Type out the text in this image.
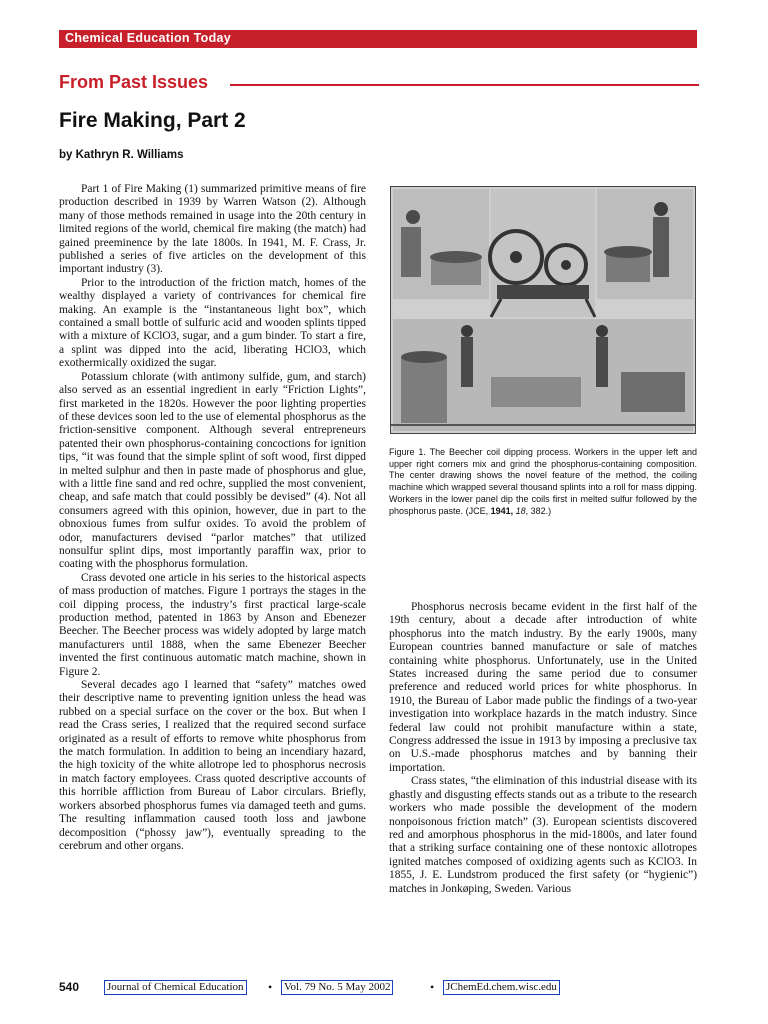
Chemical Education Today
From Past Issues
Fire Making, Part 2
by Kathryn R. Williams

Part 1 of Fire Making (1) summarized primitive means of fire production described in 1939 by Warren Watson (2). Although many of those methods remained in usage into the 20th century in limited regions of the world, chemical fire making (the match) had gained preeminence by the late 1800s. In 1941, M. F. Crass, Jr. published a series of five articles on the development of this important industry (3).

Prior to the introduction of the friction match, homes of the wealthy displayed a variety of contrivances for chemical fire making. An example is the “instantaneous light box”, which contained a small bottle of sulfuric acid and wooden splints tipped with a mixture of KClO3, sugar, and a gum binder. To start a fire, a splint was dipped into the acid, liberating HClO3, which exothermically oxidized the sugar.

Potassium chlorate (with antimony sulfide, gum, and starch) also served as an essential ingredient in early “Friction Lights”, first marketed in the 1820s. However the poor lighting properties of these devices soon led to the use of elemental phosphorus as the friction-sensitive component. Although several entrepreneurs patented their own phosphorus-containing concoctions for ignition tips, “it was found that the simple splint of soft wood, first dipped in melted sulphur and then in paste made of phosphorus and glue, with a little fine sand and red ochre, supplied the most convenient, cheap, and safe match that could possibly be devised” (4). Not all consumers agreed with this opinion, however, due in part to the obnoxious fumes from sulfur oxides. To avoid the problem of odor, manufacturers devised “parlor matches” that utilized nonsulfur splint dips, most importantly paraffin wax, prior to coating with the phosphorus formulation.

Crass devoted one article in his series to the historical aspects of mass production of matches. Figure 1 portrays the stages in the coil dipping process, the industry’s first practical large-scale production method, patented in 1863 by Anson and Ebenezer Beecher. The Beecher process was widely adopted by large match manufacturers until 1888, when the same Ebenezer Beecher invented the first continuous automatic match machine, shown in Figure 2.

Several decades ago I learned that “safety” matches owed their descriptive name to preventing ignition unless the head was rubbed on a special surface on the cover or the box. But when I read the Crass series, I realized that the required second surface originated as a result of efforts to remove white phosphorus from the match formulation. In addition to being an incendiary hazard, the high toxicity of the white allotrope led to phosphorus necrosis in match factory employees. Crass quoted descriptive accounts of this horrible affliction from Bureau of Labor circulars. Briefly, workers absorbed phosphorus fumes via damaged teeth and gums. The resulting inflammation caused tooth loss and jawbone decomposition (“phossy jaw”), eventually spreading to the cerebrum and other organs.

Figure 1. The Beecher coil dipping process. Workers in the upper left and upper right corners mix and grind the phosphorus-containing composition. The center drawing shows the novel feature of the method, the coiling machine which wrapped several thousand splints into a roll for mass dipping. Workers in the lower panel dip the coils first in melted sulfur followed by the phosphorus paste. (JCE, 1941, 18, 382.)

Phosphorus necrosis became evident in the first half of the 19th century, about a decade after introduction of white phosphorus into the match industry. By the early 1900s, many European countries banned manufacture or sale of matches containing white phosphorus. Unfortunately, use in the United States increased during the same period due to consumer preference and reduced world prices for white phosphorus. In 1910, the Bureau of Labor made public the findings of a two-year investigation into workplace hazards in the match industry. Since federal law could not prohibit manufacture within a state, Congress addressed the issue in 1913 by imposing a preclusive tax on U.S.-made phosphorus matches and by banning their importation.

Crass states, “the elimination of this industrial disease with its ghastly and disgusting effects stands out as a tribute to the research workers who made possible the development of the modern nonpoisonous friction match” (3). European scientists discovered red and amorphous phosphorus in the mid-1800s, and later found that a striking surface containing one of these nontoxic allotropes ignited matches composed of oxidizing agents such as KClO3. In 1855, J. E. Lundstrom produced the first safety (or “hygienic”) matches in Jonkøping, Sweden. Various

540	Journal of Chemical Education • Vol. 79 No. 5 May 2002	• JChemEd.chem.wisc.edu
